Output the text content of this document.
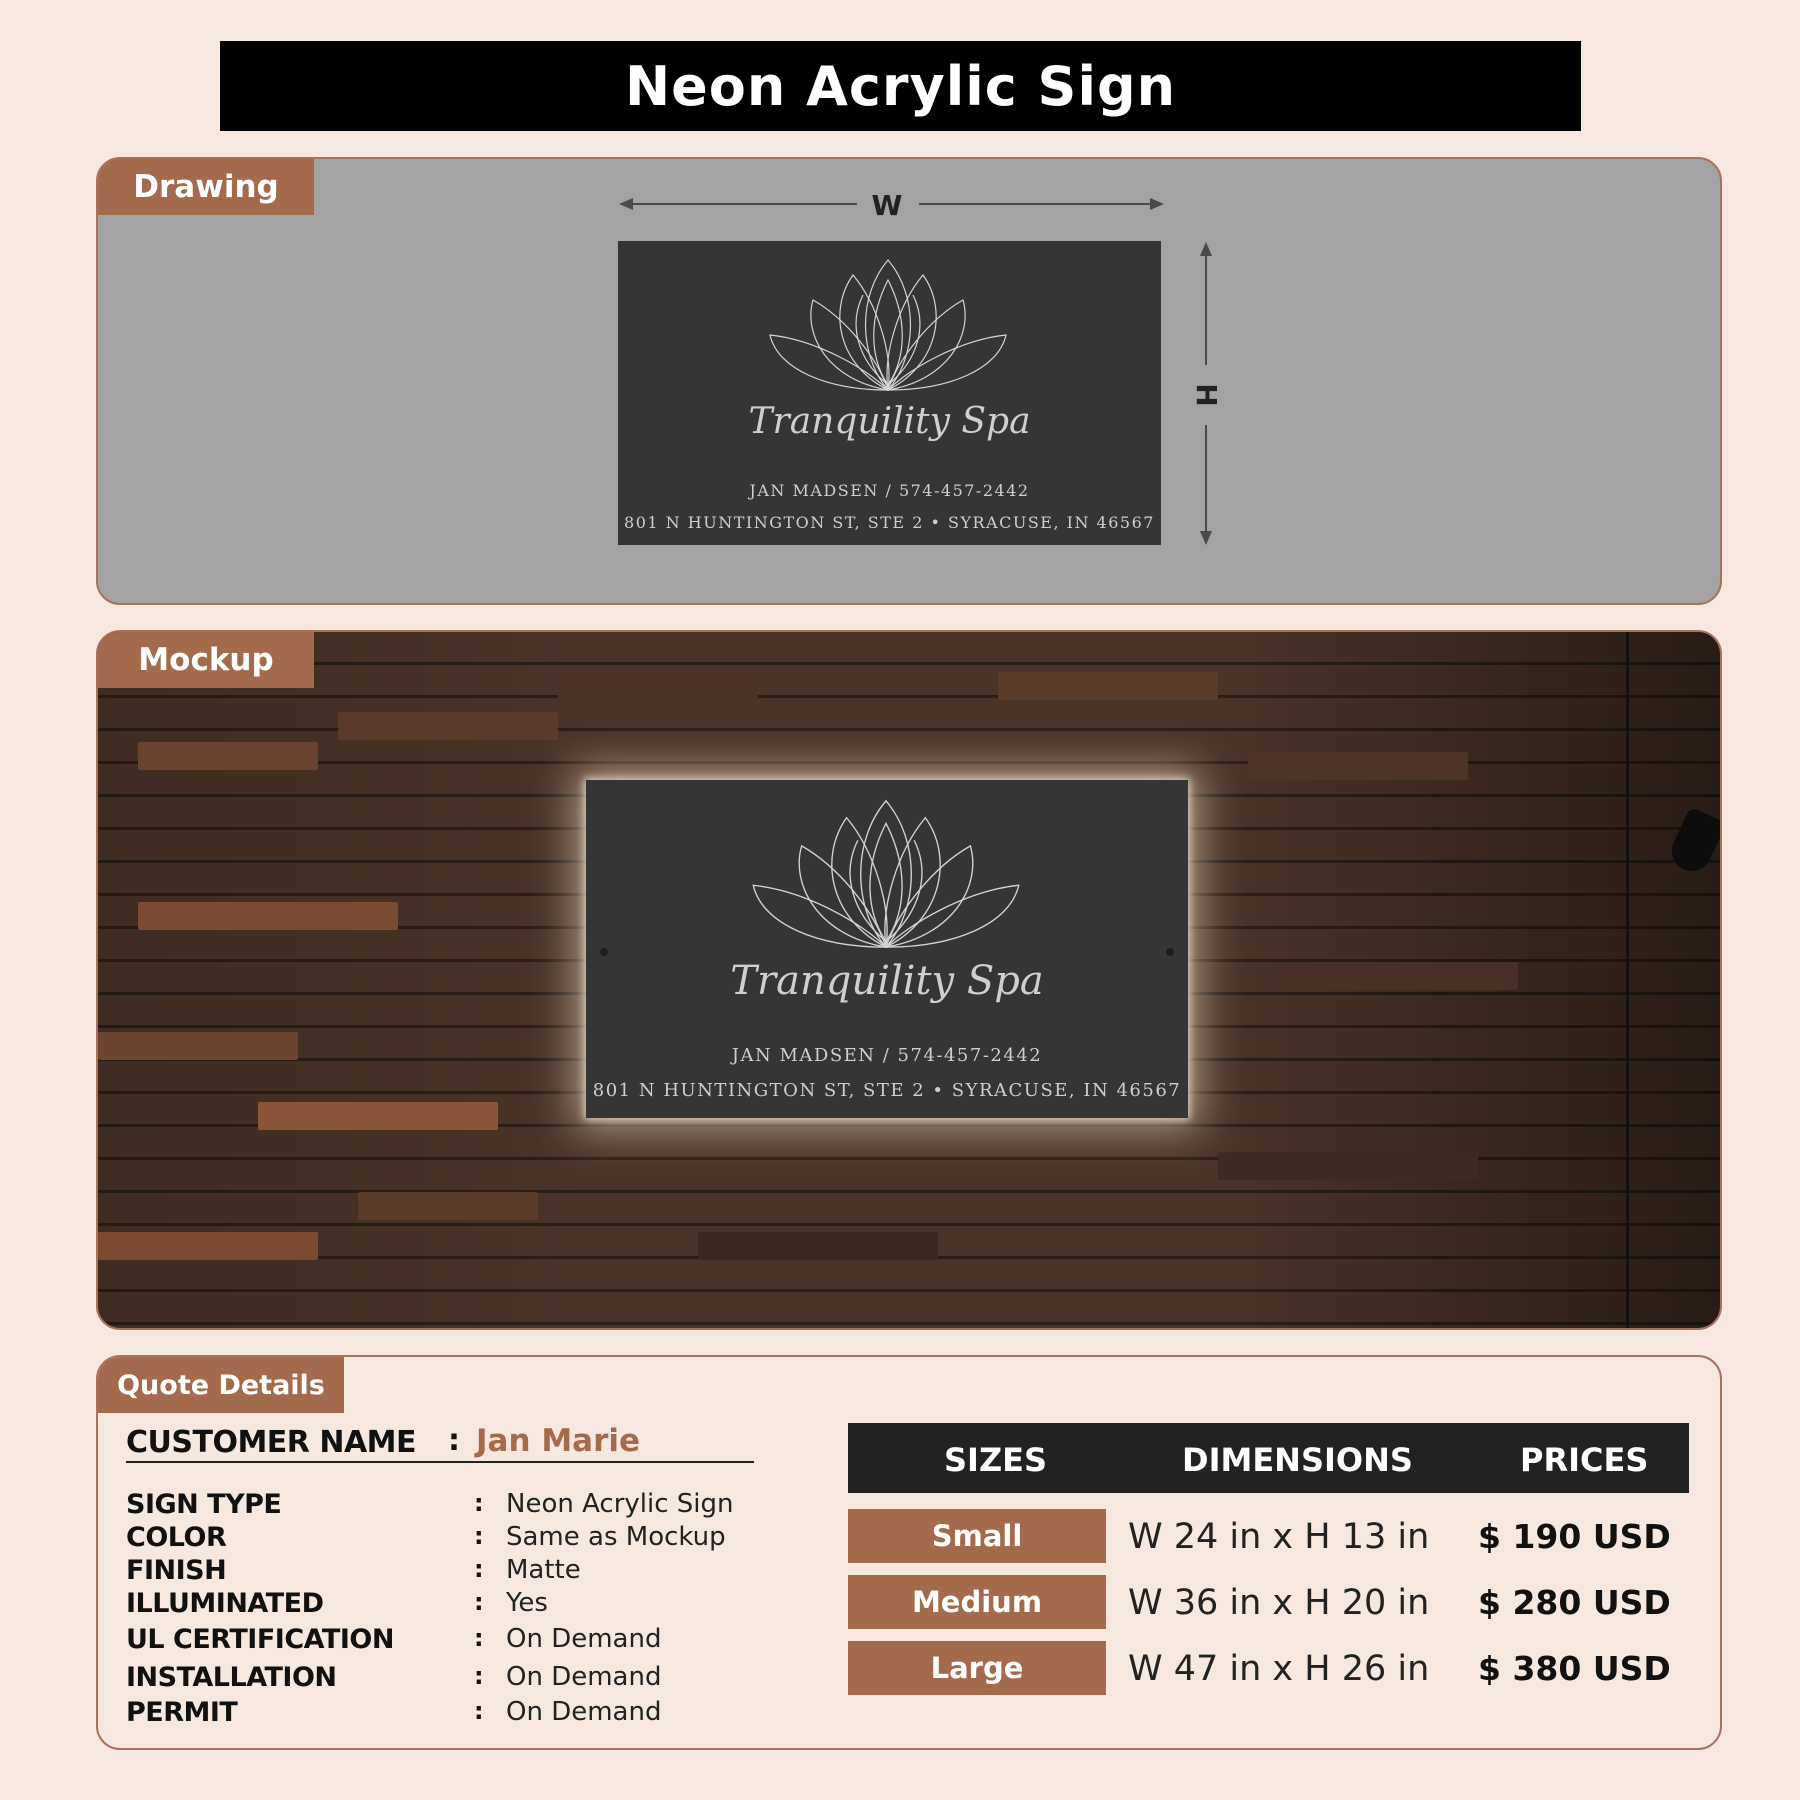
Neon Acrylic Sign
Drawing
W
H
Tranquility Spa
JAN MADSEN / 574-457-2442
801 N HUNTINGTON ST, STE 2 • SYRACUSE, IN 46567
Mockup
Tranquility Spa
JAN MADSEN / 574-457-2442
801 N HUNTINGTON ST, STE 2 • SYRACUSE, IN 46567
Quote Details
CUSTOMER NAME : Jan Marie
SIGN TYPE	: Neon Acrylic Sign
COLOR	: Same as Mockup
FINISH	: Matte
ILLUMINATED	: Yes
UL CERTIFICATION	: On Demand
INSTALLATION	: On Demand
PERMIT	: On Demand
SIZES	DIMENSIONS	PRICES
Small	W 24 in x H 13 in $ 190 USD
Medium	W 36 in x H 20 in $ 280 USD
Large	W 47 in x H 26 in $ 380 USD
